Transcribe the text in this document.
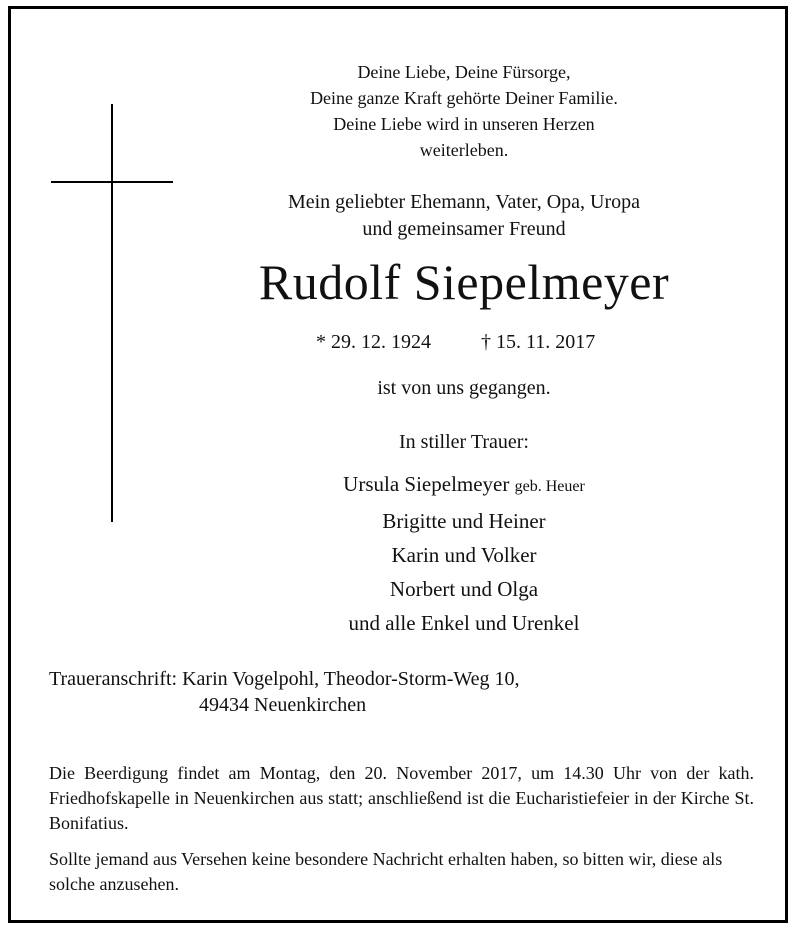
Deine Liebe, Deine Fürsorge,
Deine ganze Kraft gehörte Deiner Familie.
Deine Liebe wird in unseren Herzen
weiterleben.
Mein geliebter Ehemann, Vater, Opa, Uropa
und gemeinsamer Freund
Rudolf Siepelmeyer
* 29. 12. 1924	† 15. 11. 2017
ist von uns gegangen.
In stiller Trauer:
Ursula Siepelmeyer geb. Heuer
Brigitte und Heiner
Karin und Volker
Norbert und Olga
und alle Enkel und Urenkel
Traueranschrift: Karin Vogelpohl, Theodor-Storm-Weg 10,
49434 Neuenkirchen
Die Beerdigung findet am Montag, den 20. November 2017, um 14.30 Uhr von der kath. Friedhofskapelle in Neuenkirchen aus statt; anschließend ist die Eucharistiefeier in der Kirche St. Bonifatius.
Sollte jemand aus Versehen keine besondere Nachricht erhalten haben, so bitten wir, diese als solche anzusehen.
